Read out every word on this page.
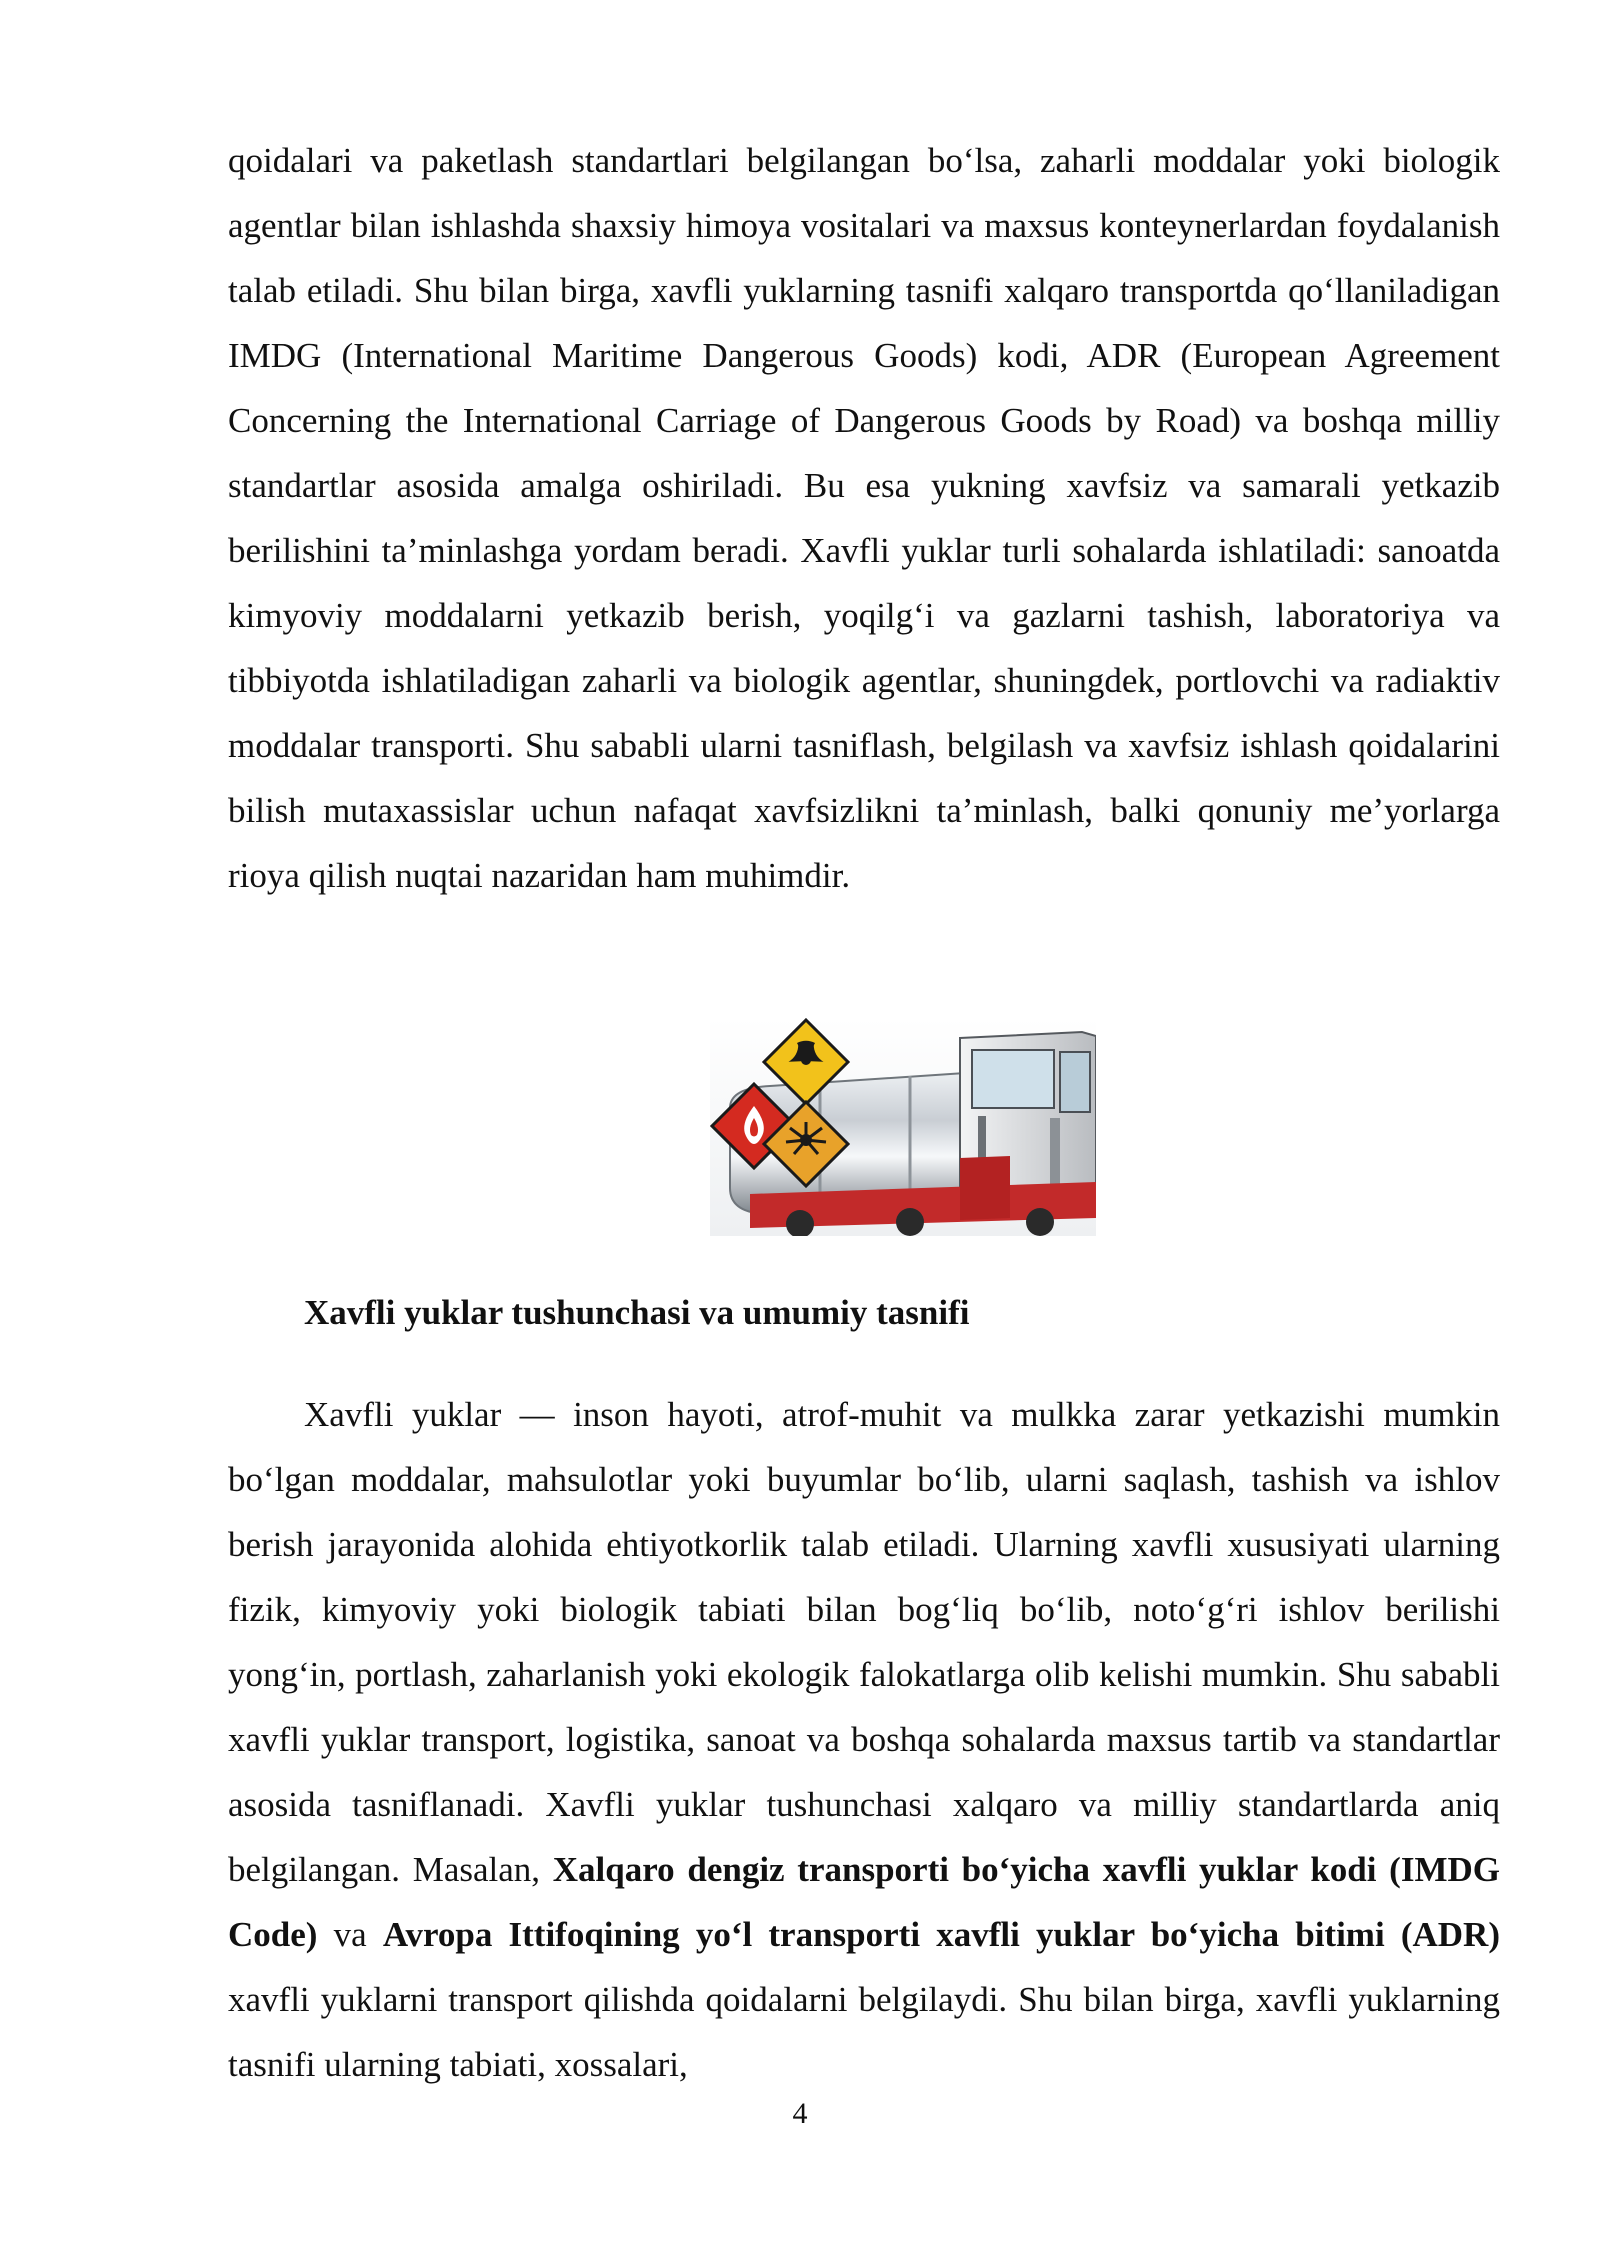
qoidalari va paketlash standartlari belgilangan bo‘lsa, zaharli moddalar yoki biologik agentlar bilan ishlashda shaxsiy himoya vositalari va maxsus konteynerlardan foydalanish talab etiladi. Shu bilan birga, xavfli yuklarning tasnifi xalqaro transportda qo‘llaniladigan IMDG (International Maritime Dangerous Goods) kodi, ADR (European Agreement Concerning the International Carriage of Dangerous Goods by Road) va boshqa milliy standartlar asosida amalga oshiriladi. Bu esa yukning xavfsiz va samarali yetkazib berilishini ta’minlashga yordam beradi. Xavfli yuklar turli sohalarda ishlatiladi: sanoatda kimyoviy moddalarni yetkazib berish, yoqilg‘i va gazlarni tashish, laboratoriya va tibbiyotda ishlatiladigan zaharli va biologik agentlar, shuningdek, portlovchi va radiaktiv moddalar transporti. Shu sababli ularni tasniflash, belgilash va xavfsiz ishlash qoidalarini bilish mutaxassislar uchun nafaqat xavfsizlikni ta’minlash, balki qonuniy me’yorlarga rioya qilish nuqtai nazaridan ham muhimdir.

Xavfli yuklar tushunchasi va umumiy tasnifi

Xavfli yuklar — inson hayoti, atrof-muhit va mulkka zarar yetkazishi mumkin bo‘lgan moddalar, mahsulotlar yoki buyumlar bo‘lib, ularni saqlash, tashish va ishlov berish jarayonida alohida ehtiyotkorlik talab etiladi. Ularning xavfli xususiyati ularning fizik, kimyoviy yoki biologik tabiati bilan bog‘liq bo‘lib, noto‘g‘ri ishlov berilishi yong‘in, portlash, zaharlanish yoki ekologik falokatlarga olib kelishi mumkin. Shu sababli xavfli yuklar transport, logistika, sanoat va boshqa sohalarda maxsus tartib va standartlar asosida tasniflanadi. Xavfli yuklar tushunchasi xalqaro va milliy standartlarda aniq belgilangan. Masalan, Xalqaro dengiz transporti bo‘yicha xavfli yuklar kodi (IMDG Code) va Avropa Ittifoqining yo‘l transporti xavfli yuklar bo‘yicha bitimi (ADR) xavfli yuklarni transport qilishda qoidalarni belgilaydi. Shu bilan birga, xavfli yuklarning tasnifi ularning tabiati, xossalari,

4
